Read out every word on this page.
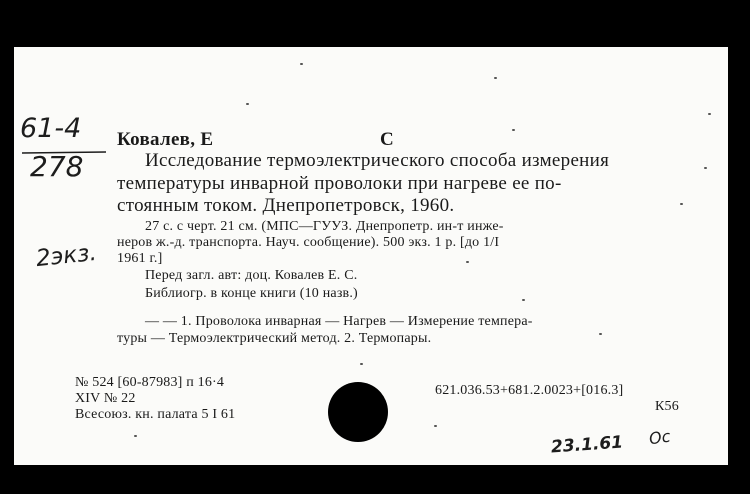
61-4
278
2экз.
Ковалев, Е	С
Исследование термоэлектрического способа измерения
температуры инварной проволоки при нагреве ее по-
стоянным током. Днепропетровск, 1960.
27 с. с черт. 21 см. (МПС—ГУУЗ. Днепропетр. ин-т инже-
неров ж.-д. транспорта. Науч. сообщение). 500 экз. 1 р. [до 1/I
1961 г.]
Перед загл. авт: доц. Ковалев Е. С.
Библиогр. в конце книги (10 назв.)
— — 1. Проволока инварная — Нагрев — Измерение темпера-
туры — Термоэлектрический метод. 2. Термопары.
№ 524 [60-87983] п 16·4
XIV № 22
Всесоюз. кн. палата 5 I 61
621.036.53+681.2.0023+[016.3]
К56
23.1.61 Ос
